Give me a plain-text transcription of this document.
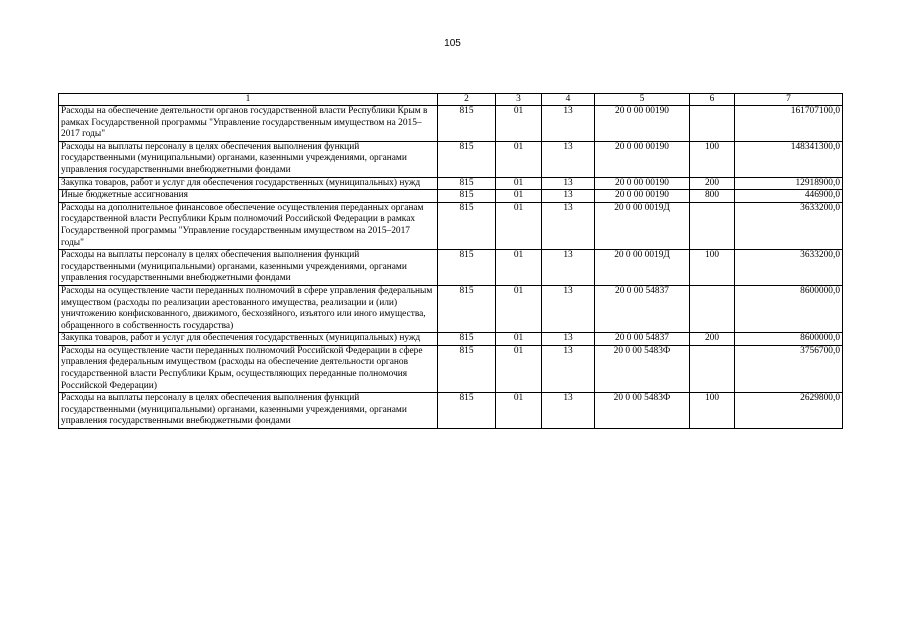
105
1	2	3	4	5	6	7
Расходы на обеспечение деятельности органов государственной власти Республики Крым в рамках Государственной программы "Управление государственным имуществом на 2015–2017 годы"	815	01	13	20 0 00 00190		161707100,0
Расходы на выплаты персоналу в целях обеспечения выполнения функций государственными (муниципальными) органами, казенными учреждениями, органами управления государственными внебюджетными фондами	815	01	13	20 0 00 00190	100	148341300,0
Закупка товаров, работ и услуг для обеспечения государственных (муниципальных) нужд	815	01	13	20 0 00 00190	200	12918900,0
Иные бюджетные ассигнования	815	01	13	20 0 00 00190	800	446900,0
Расходы на дополнительное финансовое обеспечение осуществления переданных органам государственной власти Республики Крым полномочий Российской Федерации в рамках Государственной программы "Управление государственным имуществом на 2015–2017 годы"	815	01	13	20 0 00 0019Д		3633200,0
Расходы на выплаты персоналу в целях обеспечения выполнения функций государственными (муниципальными) органами, казенными учреждениями, органами управления государственными внебюджетными фондами	815	01	13	20 0 00 0019Д	100	3633200,0
Расходы на осуществление части переданных полномочий в сфере управления федеральным имуществом (расходы по реализации арестованного имущества, реализации и (или) уничтожению конфискованного, движимого, бесхозяйного, изъятого или иного имущества, обращенного в собственность государства)	815	01	13	20 0 00 54837		8600000,0
Закупка товаров, работ и услуг для обеспечения государственных (муниципальных) нужд	815	01	13	20 0 00 54837	200	8600000,0
Расходы на осуществление части переданных полномочий Российской Федерации в сфере управления федеральным имуществом (расходы на обеспечение деятельности органов государственной власти Республики Крым, осуществляющих переданные полномочия Российской Федерации)	815	01	13	20 0 00 5483Ф		3756700,0
Расходы на выплаты персоналу в целях обеспечения выполнения функций государственными (муниципальными) органами, казенными учреждениями, органами управления государственными внебюджетными фондами	815	01	13	20 0 00 5483Ф	100	2629800,0
